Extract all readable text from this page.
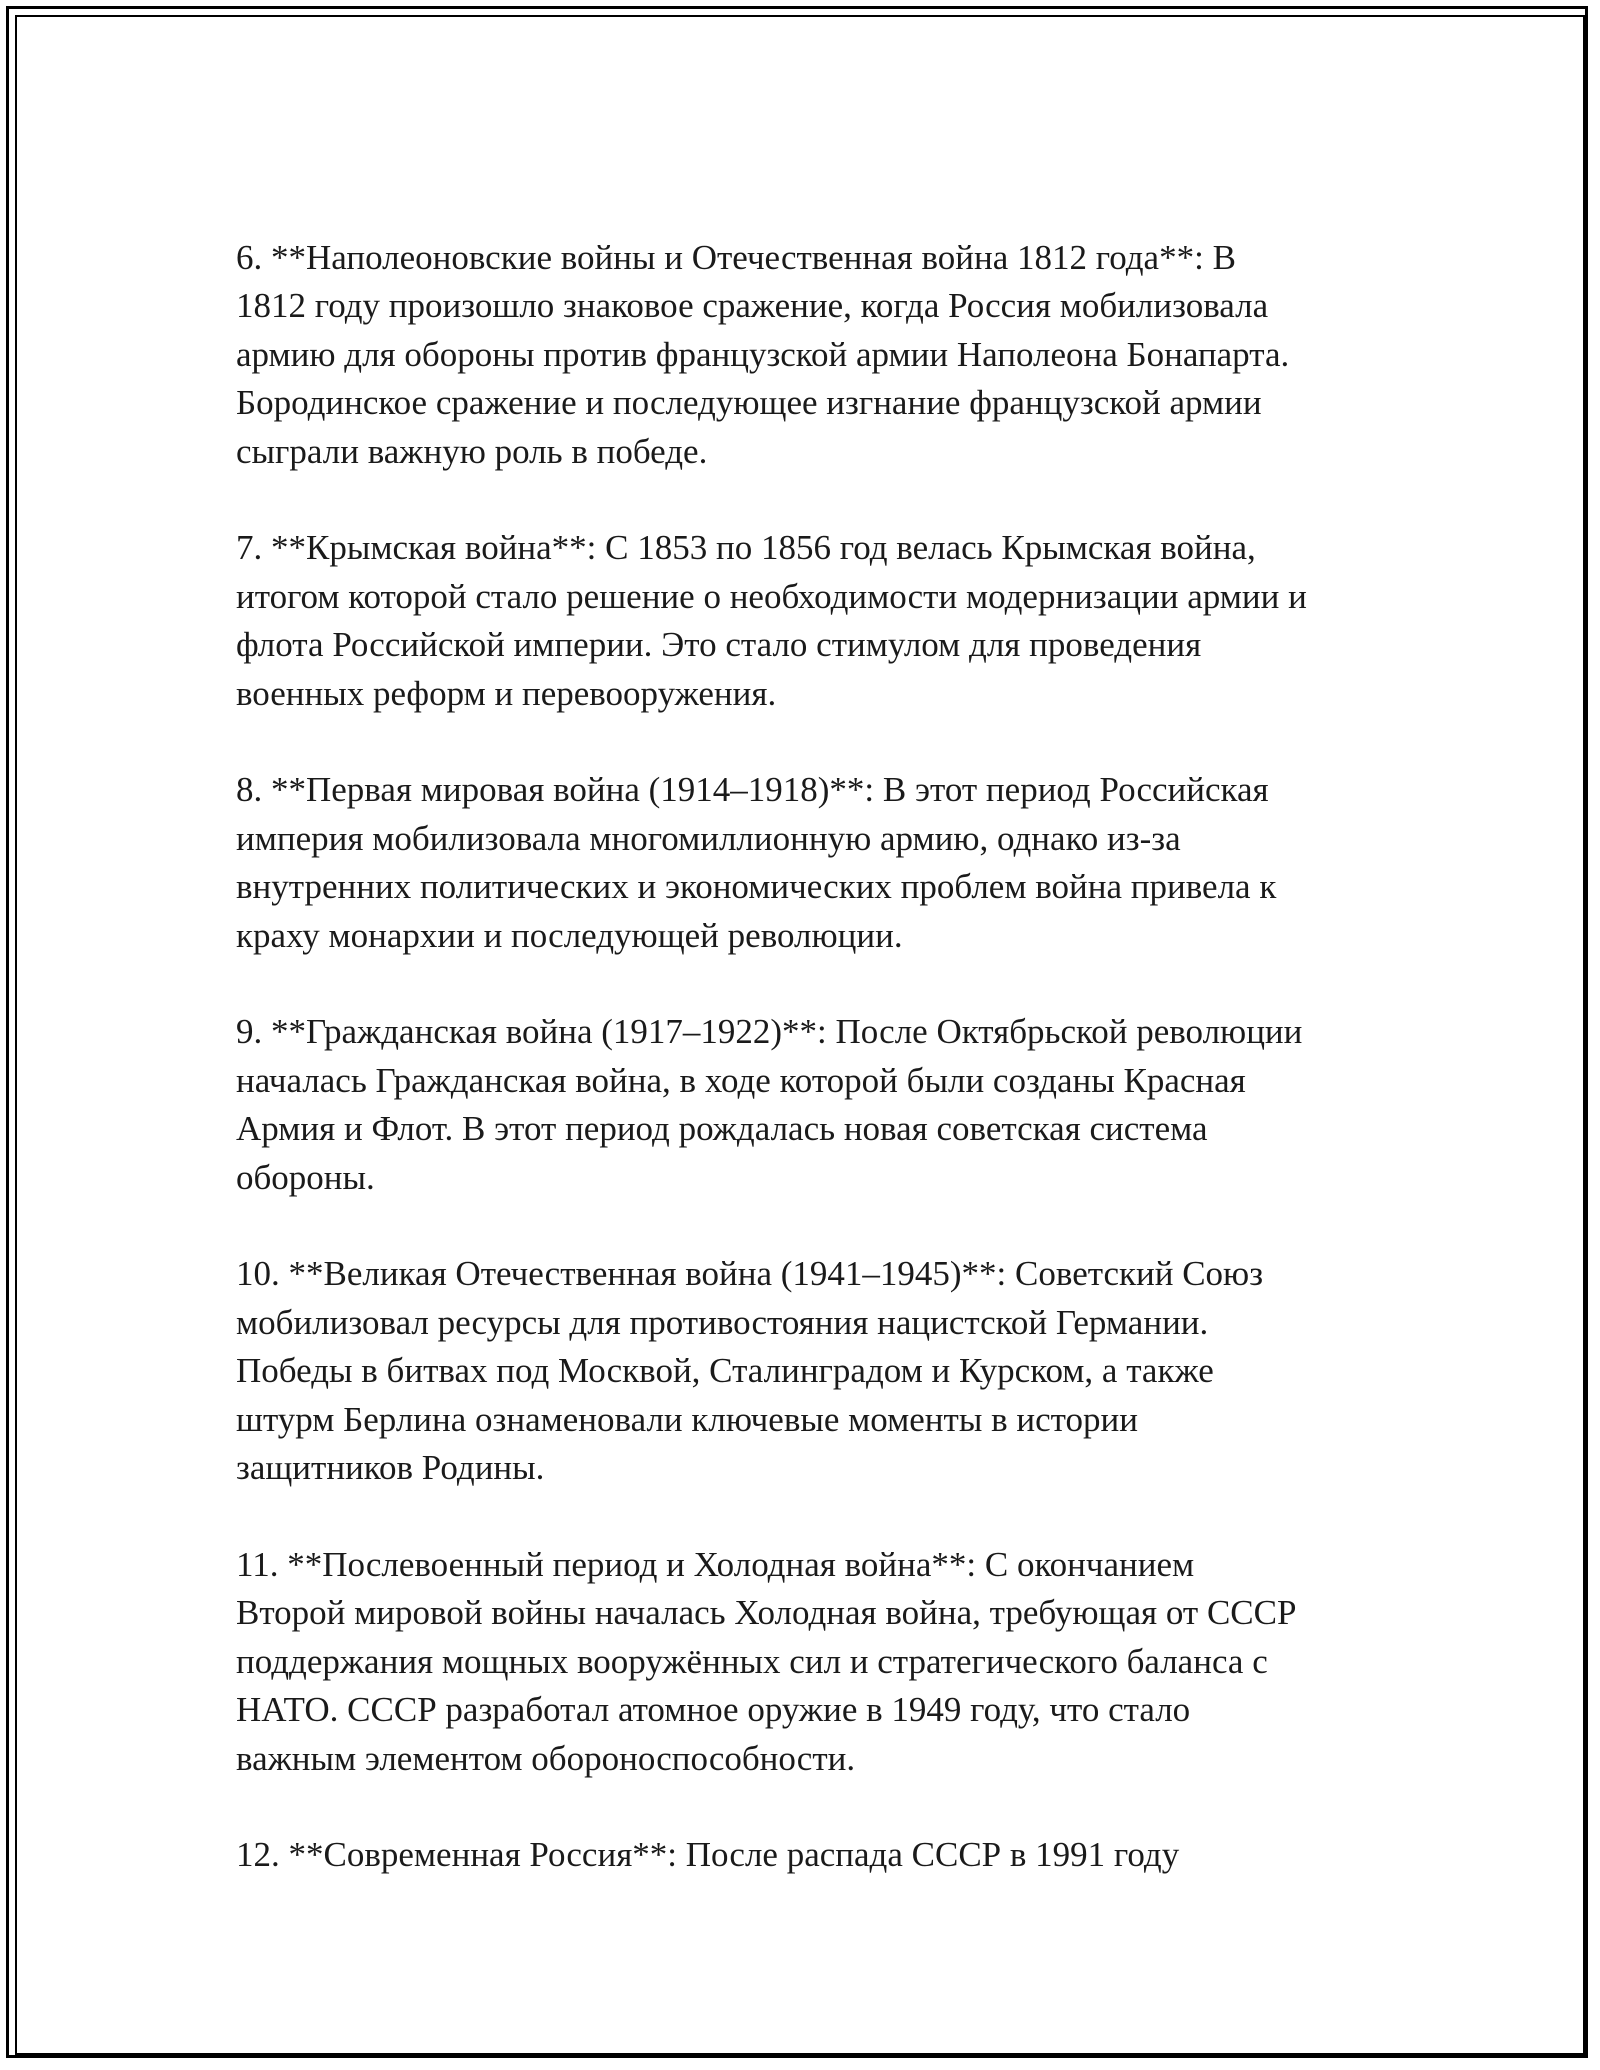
6. **Наполеоновские войны и Отечественная война 1812 года**: В
1812 году произошло знаковое сражение, когда Россия мобилизовала
армию для обороны против французской армии Наполеона Бонапарта.
Бородинское сражение и последующее изгнание французской армии
сыграли важную роль в победе.

7. **Крымская война**: С 1853 по 1856 год велась Крымская война,
итогом которой стало решение о необходимости модернизации армии и
флота Российской империи. Это стало стимулом для проведения
военных реформ и перевооружения.

8. **Первая мировая война (1914–1918)**: В этот период Российская
империя мобилизовала многомиллионную армию, однако из-за
внутренних политических и экономических проблем война привела к
краху монархии и последующей революции.

9. **Гражданская война (1917–1922)**: После Октябрьской революции
началась Гражданская война, в ходе которой были созданы Красная
Армия и Флот. В этот период рождалась новая советская система
обороны.

10. **Великая Отечественная война (1941–1945)**: Советский Союз
мобилизовал ресурсы для противостояния нацистской Германии.
Победы в битвах под Москвой, Сталинградом и Курском, а также
штурм Берлина ознаменовали ключевые моменты в истории
защитников Родины.

11. **Послевоенный период и Холодная война**: С окончанием
Второй мировой войны началась Холодная война, требующая от СССР
поддержания мощных вооружённых сил и стратегического баланса с
НАТО. СССР разработал атомное оружие в 1949 году, что стало
важным элементом обороноспособности.

12. **Современная Россия**: После распада СССР в 1991 году
